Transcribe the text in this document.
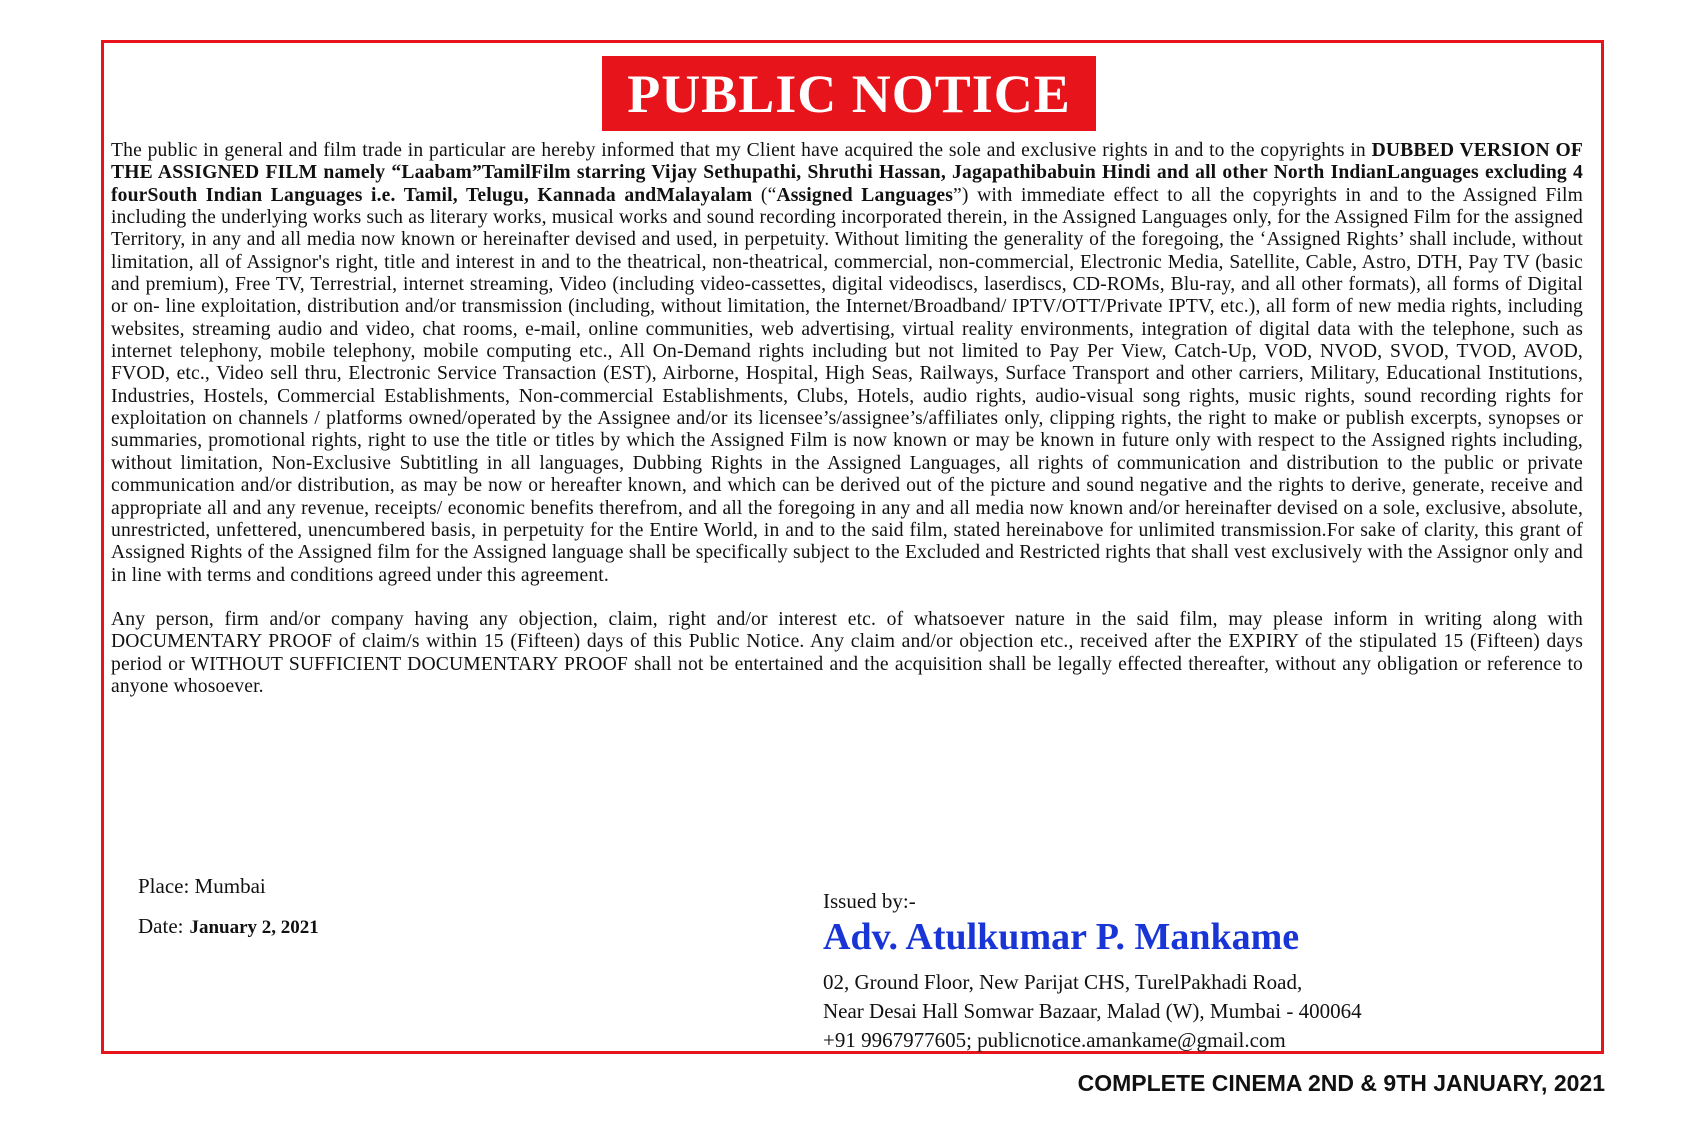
PUBLIC NOTICE

The public in general and film trade in particular are hereby informed that my Client have acquired the sole and exclusive rights in and to the copyrights in DUBBED VERSION OF THE ASSIGNED FILM namely “Laabam”TamilFilm starring Vijay Sethupathi, Shruthi Hassan, Jagapathibabuin Hindi and all other North IndianLanguages excluding 4 fourSouth Indian Languages i.e. Tamil, Telugu, Kannada andMalayalam (“Assigned Languages”) with immediate effect to all the copyrights in and to the Assigned Film including the underlying works such as literary works, musical works and sound recording incorporated therein, in the Assigned Languages only, for the Assigned Film for the assigned Territory, in any and all media now known or hereinafter devised and used, in perpetuity. Without limiting the generality of the foregoing, the ‘Assigned Rights’ shall include, without limitation, all of Assignor's right, title and interest in and to the theatrical, non-theatrical, commercial, non-commercial, Electronic Media, Satellite, Cable, Astro, DTH, Pay TV (basic and premium), Free TV, Terrestrial, internet streaming, Video (including video-cassettes, digital videodiscs, laserdiscs, CD-ROMs, Blu-ray, and all other formats), all forms of Digital or on- line exploitation, distribution and/or transmission (including, without limitation, the Internet/Broadband/ IPTV/OTT/Private IPTV, etc.), all form of new media rights, including websites, streaming audio and video, chat rooms, e-mail, online communities, web advertising, virtual reality environments, integration of digital data with the telephone, such as internet telephony, mobile telephony, mobile computing etc., All On-Demand rights including but not limited to Pay Per View, Catch-Up, VOD, NVOD, SVOD, TVOD, AVOD, FVOD, etc., Video sell thru, Electronic Service Transaction (EST), Airborne, Hospital, High Seas, Railways, Surface Transport and other carriers, Military, Educational Institutions, Industries, Hostels, Commercial Establishments, Non-commercial Establishments, Clubs, Hotels, audio rights, audio-visual song rights, music rights, sound recording rights for exploitation on channels / platforms owned/operated by the Assignee and/or its licensee’s/assignee’s/affiliates only, clipping rights, the right to make or publish excerpts, synopses or summaries, promotional rights, right to use the title or titles by which the Assigned Film is now known or may be known in future only with respect to the Assigned rights including, without limitation, Non-Exclusive Subtitling in all languages, Dubbing Rights in the Assigned Languages, all rights of communication and distribution to the public or private communication and/or distribution, as may be now or hereafter known, and which can be derived out of the picture and sound negative and the rights to derive, generate, receive and appropriate all and any revenue, receipts/ economic benefits therefrom, and all the foregoing in any and all media now known and/or hereinafter devised on a sole, exclusive, absolute, unrestricted, unfettered, unencumbered basis, in perpetuity for the Entire World, in and to the said film, stated hereinabove for unlimited transmission.For sake of clarity, this grant of Assigned Rights of the Assigned film for the Assigned language shall be specifically subject to the Excluded and Restricted rights that shall vest exclusively with the Assignor only and in line with terms and conditions agreed under this agreement.

Any person, firm and/or company having any objection, claim, right and/or interest etc. of whatsoever nature in the said film, may please inform in writing along with DOCUMENTARY PROOF of claim/s within 15 (Fifteen) days of this Public Notice. Any claim and/or objection etc., received after the EXPIRY of the stipulated 15 (Fifteen) days period or WITHOUT SUFFICIENT DOCUMENTARY PROOF shall not be entertained and the acquisition shall be legally effected thereafter, without any obligation or reference to anyone whosoever.

Place: Mumbai
Date: January 2, 2021
Issued by:-
Adv. Atulkumar P. Mankame
02, Ground Floor, New Parijat CHS, TurelPakhadi Road,
Near Desai Hall Somwar Bazaar, Malad (W), Mumbai - 400064
+91 9967977605; publicnotice.amankame@gmail.com
COMPLETE CINEMA 2ND & 9TH JANUARY, 2021
